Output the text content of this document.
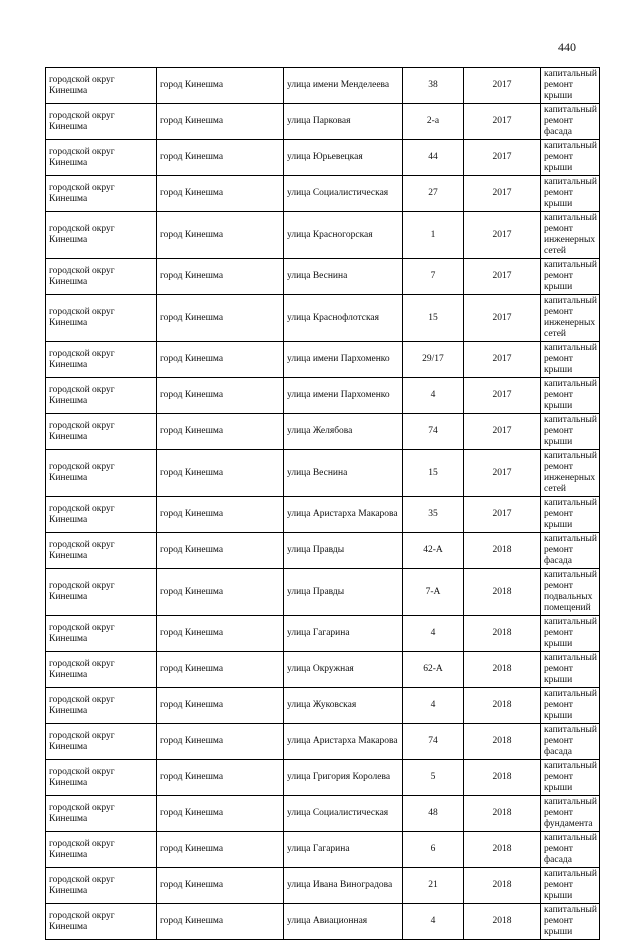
440
городской округ Кинешма	город Кинешма	улица имени Менделеева	38	2017	капитальный ремонт крыши
городской округ Кинешма	город Кинешма	улица Парковая	2-а	2017	капитальный ремонт фасада
городской округ Кинешма	город Кинешма	улица Юрьевецкая	44	2017	капитальный ремонт крыши
городской округ Кинешма	город Кинешма	улица Социалистическая	27	2017	капитальный ремонт крыши
городской округ Кинешма	город Кинешма	улица Красногорская	1	2017	капитальный ремонт инженерных сетей
городской округ Кинешма	город Кинешма	улица Веснина	7	2017	капитальный ремонт крыши
городской округ Кинешма	город Кинешма	улица Краснофлотская	15	2017	капитальный ремонт инженерных сетей
городской округ Кинешма	город Кинешма	улица имени Пархоменко	29/17	2017	капитальный ремонт крыши
городской округ Кинешма	город Кинешма	улица имени Пархоменко	4	2017	капитальный ремонт крыши
городской округ Кинешма	город Кинешма	улица Желябова	74	2017	капитальный ремонт крыши
городской округ Кинешма	город Кинешма	улица Веснина	15	2017	капитальный ремонт инженерных сетей
городской округ Кинешма	город Кинешма	улица Аристарха Макарова	35	2017	капитальный ремонт крыши
городской округ Кинешма	город Кинешма	улица Правды	42-А	2018	капитальный ремонт фасада
городской округ Кинешма	город Кинешма	улица Правды	7-А	2018	капитальный ремонт подвальных помещений
городской округ Кинешма	город Кинешма	улица Гагарина	4	2018	капитальный ремонт крыши
городской округ Кинешма	город Кинешма	улица Окружная	62-А	2018	капитальный ремонт крыши
городской округ Кинешма	город Кинешма	улица Жуковская	4	2018	капитальный ремонт крыши
городской округ Кинешма	город Кинешма	улица Аристарха Макарова	74	2018	капитальный ремонт фасада
городской округ Кинешма	город Кинешма	улица Григория Королева	5	2018	капитальный ремонт крыши
городской округ Кинешма	город Кинешма	улица Социалистическая	48	2018	капитальный ремонт фундамента
городской округ Кинешма	город Кинешма	улица Гагарина	6	2018	капитальный ремонт фасада
городской округ Кинешма	город Кинешма	улица Ивана Виноградова	21	2018	капитальный ремонт крыши
городской округ Кинешма	город Кинешма	улица Авиационная	4	2018	капитальный ремонт крыши
